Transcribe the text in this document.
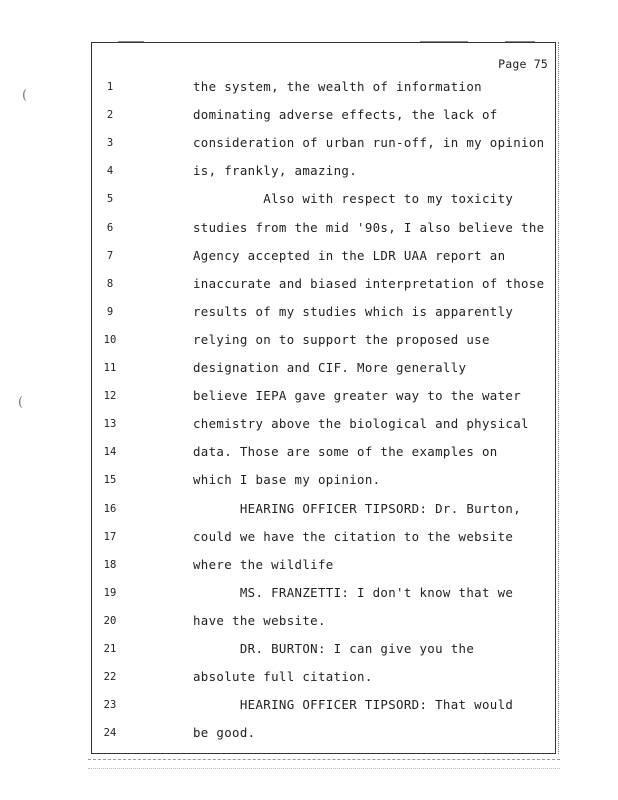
(
(
Page 75
1	the system, the wealth of information
2	dominating adverse effects, the lack of
3	consideration of urban run-off, in my opinion
4	is, frankly, amazing.
5	Also with respect to my toxicity
6	studies from the mid '90s, I also believe the
7	Agency accepted in the LDR UAA report an
8	inaccurate and biased interpretation of those
9	results of my studies which is apparently
10	relying on to support the proposed use
11	designation and CIF. More generally
12	believe IEPA gave greater way to the water
13	chemistry above the biological and physical
14	data. Those are some of the examples on
15	which I base my opinion.
16	HEARING OFFICER TIPSORD: Dr. Burton,
17	could we have the citation to the website
18	where the wildlife
19	MS. FRANZETTI: I don't know that we
20	have the website.
21	DR. BURTON: I can give you the
22	absolute full citation.
23	HEARING OFFICER TIPSORD: That would
24	be good.
